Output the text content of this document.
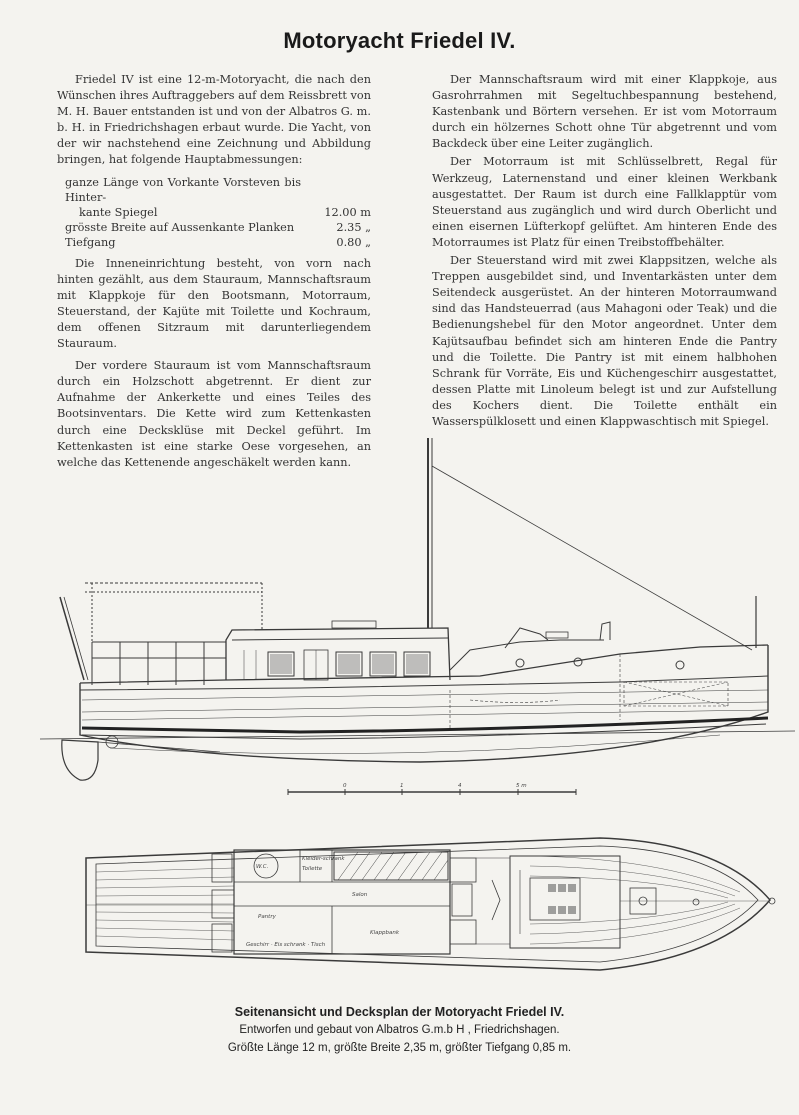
Motoryacht Friedel IV.

Friedel IV ist eine 12-m-Motoryacht, die nach den Wünschen ihres Auftraggebers auf dem Reissbrett von M. H. Bauer entstanden ist und von der Albatros G. m. b. H. in Friedrichshagen erbaut wurde. Die Yacht, von der wir nachstehend eine Zeichnung und Abbildung bringen, hat folgende Hauptabmessungen:

ganze Länge von Vorkante Vorsteven bis Hinter-	
kante Spiegel	12.00 m
grösste Breite auf Aussenkante Planken	2.35 „
Tiefgang	0.80 „

Die Inneneinrichtung besteht, von vorn nach hinten gezählt, aus dem Stauraum, Mannschaftsraum mit Klappkoje für den Bootsmann, Motorraum, Steuerstand, der Kajüte mit Toilette und Kochraum, dem offenen Sitzraum mit darunterliegendem Stauraum.

Der vordere Stauraum ist vom Mannschaftsraum durch ein Holzschott abgetrennt. Er dient zur Aufnahme der Ankerkette und eines Teiles des Bootsinventars. Die Kette wird zum Kettenkasten durch eine Decksklüse mit Deckel geführt. Im Kettenkasten ist eine starke Oese vorgesehen, an welche das Kettenende angeschäkelt werden kann.

Der Mannschaftsraum wird mit einer Klappkoje, aus Gasrohrrahmen mit Segeltuchbespannung bestehend, Kastenbank und Börtern versehen. Er ist vom Motorraum durch ein hölzernes Schott ohne Tür abgetrennt und vom Backdeck über eine Leiter zugänglich.

Der Motorraum ist mit Schlüsselbrett, Regal für Werkzeug, Laternenstand und einer kleinen Werkbank ausgestattet. Der Raum ist durch eine Fallklapptür vom Steuerstand aus zugänglich und wird durch Oberlicht und einen eisernen Lüfterkopf gelüftet. Am hinteren Ende des Motorraumes ist Platz für einen Treibstoffbehälter.

Der Steuerstand wird mit zwei Klappsitzen, welche als Treppen ausgebildet sind, und Inventarkästen unter dem Seitendeck ausgerüstet. An der hinteren Motorraumwand sind das Handsteuerrad (aus Mahagoni oder Teak) und die Bedienungshebel für den Motor angeordnet. Unter dem Kajütsaufbau befindet sich am hinteren Ende die Pantry und die Toilette. Die Pantry ist mit einem halbhohen Schrank für Vorräte, Eis und Küchengeschirr ausgestattet, dessen Platte mit Linoleum belegt ist und zur Aufstellung des Kochers dient. Die Toilette enthält ein Wasserspülklosett und einen Klappwaschtisch mit Spiegel.

0	1	4	5 m
W.C.	Toilette
Kleider-schrank
Salon
Pantry
Klappbank
Geschirr · Eis schrank · Tisch
Seitenansicht und Decksplan der Motoryacht Friedel IV.
Entworfen und gebaut von Albatros G.m.b H , Friedrichshagen.
Größte Länge 12 m, größte Breite 2,35 m, größter Tiefgang 0,85 m.
